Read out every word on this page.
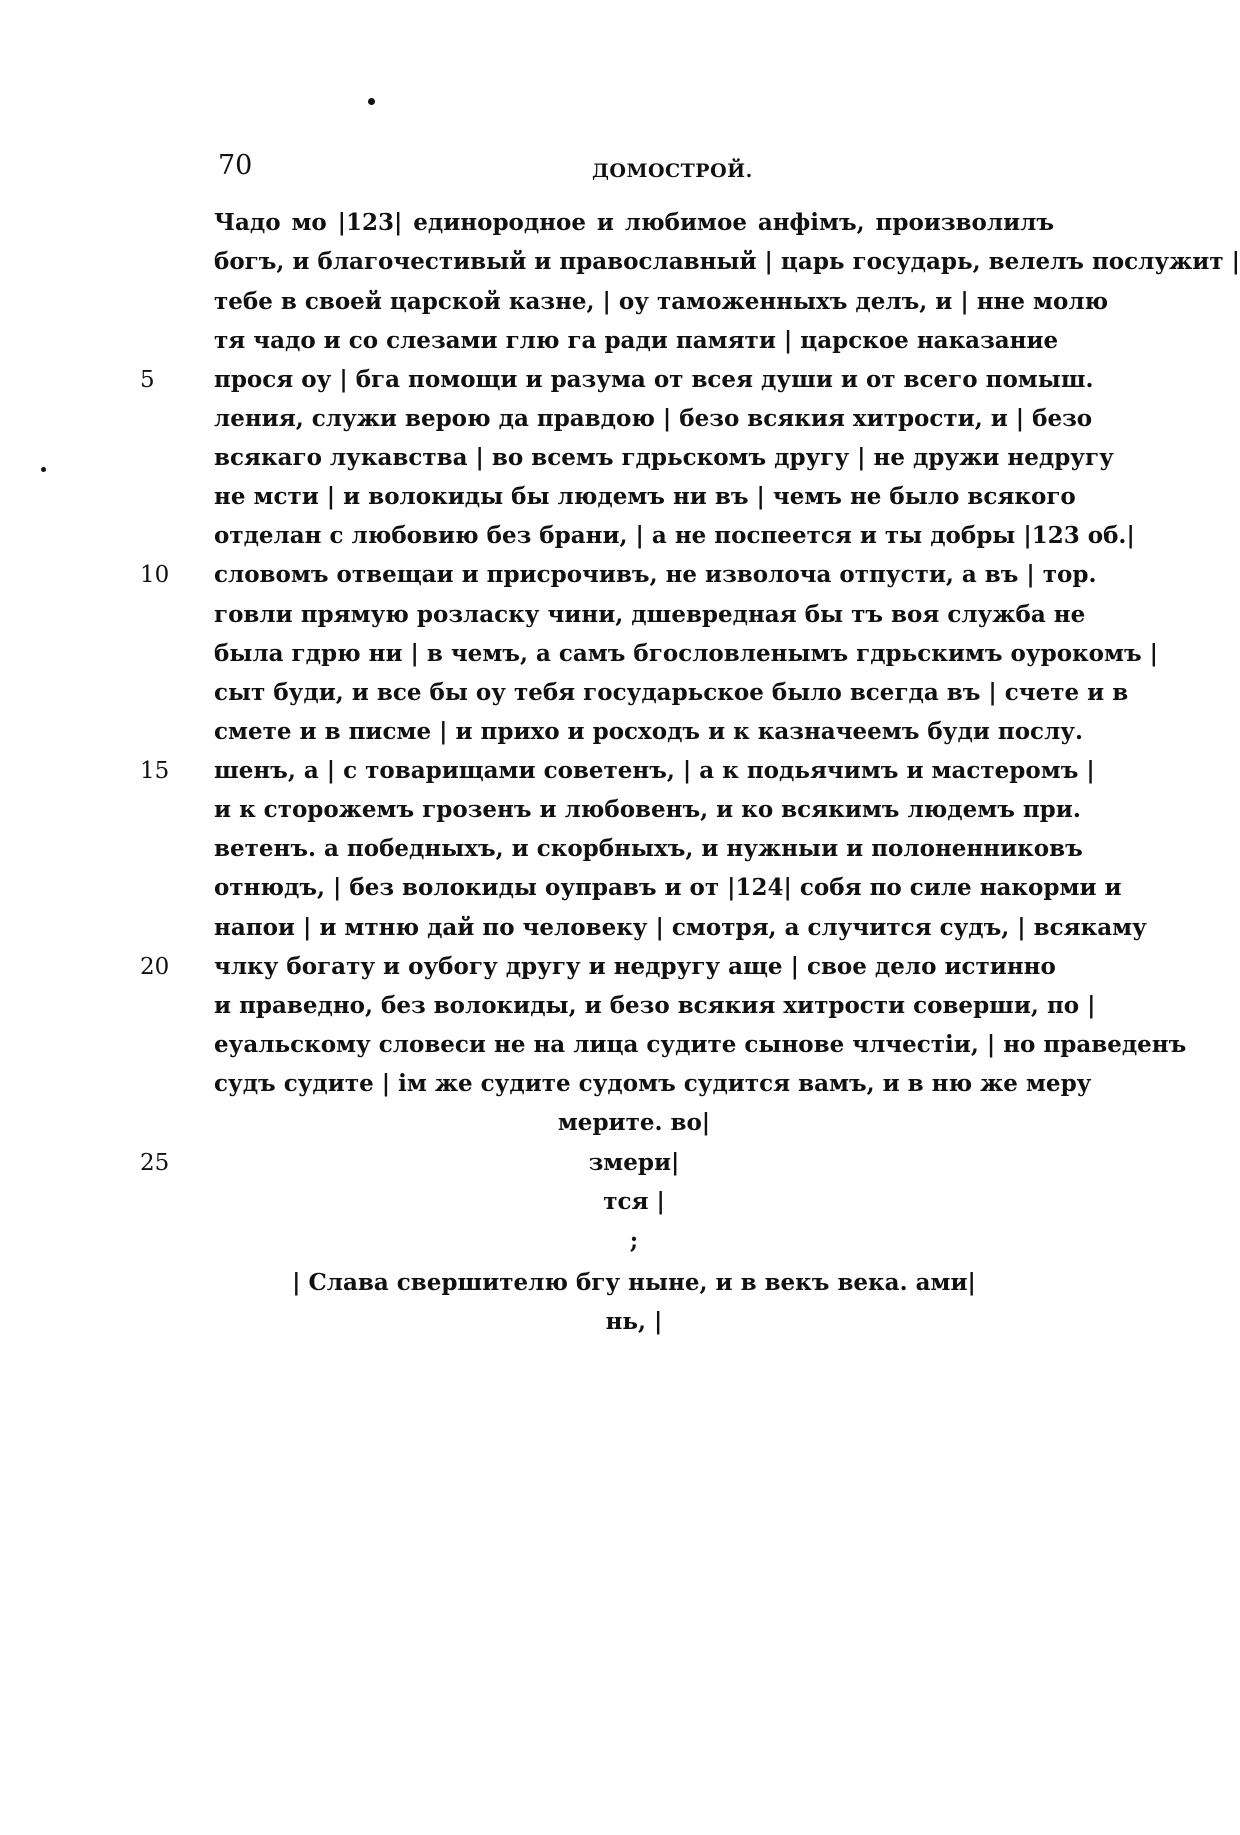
70	ДОМОСТРОЙ.
5
10
15
20
25
Чадо мо |123| единородное и любимое анфiмъ, произволилъ
богъ, и благочестивый и православный | царь государь, велелъ послужит |
тебе в своей царской казне, | оу таможенныхъ делъ, и | нне молю
тя чадо и со слезами глю га ради памяти | царское наказание
прося оу | бга помощи и разума от всея души и от всего помыш.
ления, служи верою да правдою | безо всякия хитрости, и | безо
всякаго лукавства | во всемъ гдрьскомъ другу | не дружи недругу
не мсти | и волокиды бы людемъ ни въ | чемъ не было всякого
отделан с любовию без брани, | а не поспеется и ты добры |123 об.|
словомъ отвещаи и присрочивъ, не изволоча отпусти, а въ | тор.
говли прямую розласку чини, дшевредная бы тъ воя служба не
была гдрю ни | в чемъ, а самъ бгословленымъ гдрьскимъ оурокомъ |
сыт буди, и все бы оу тебя гоcударьское было всегда въ | счете и в
смете и в писме | и прихо и росходъ и к казначеемъ буди послу.
шенъ, а | с товарищами советенъ, | а к подьячимъ и мастеромъ |
и к сторожемъ грозенъ и любовенъ, и ко всякимъ людемъ при.
ветенъ. а победныхъ, и скорбныхъ, и нужныи и полоненниковъ
отнюдъ, | без волокиды оуправъ и от |124| собя по силе накорми и
напои | и мтню дай по человеку | смотря, а случится судъ, | всякаму
члку богату и оубогу другу и недругу аще | свое дело истинно
и праведно, без волокиды, и безо всякия хитрости соверши, по |
еуальскому словеси не на лица судите сынове члчестiи, | но праведенъ
судъ судите | iм же судите судомъ судится вамъ, и в ню же меру
мерите. во|
змери|
тся |
;
| Слава свершителю бгу нынe, и в векъ века. ами|
нь, |
